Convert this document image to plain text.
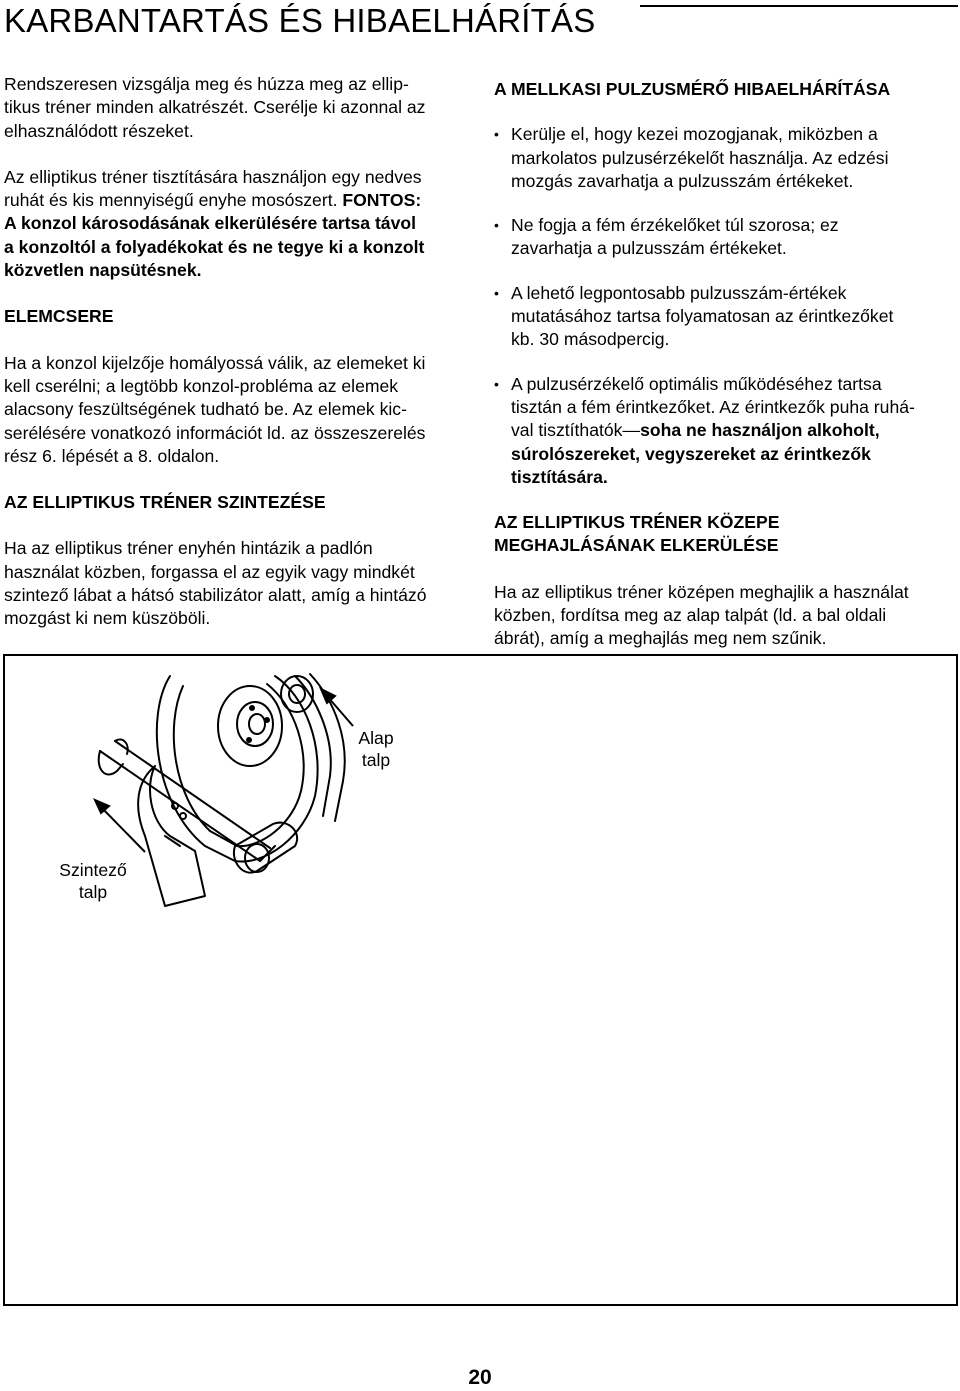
KARBANTARTÁS ÉS HIBAELHÁRÍTÁS

Rendszeresen vizsgálja meg és húzza meg az ellip-
tikus tréner minden alkatrészét. Cserélje ki azonnal az
elhasználódott részeket.

Az elliptikus tréner tisztítására használjon egy nedves
ruhát és kis mennyiségű enyhe mosószert. FONTOS:
A konzol károsodásának elkerülésére tartsa távol
a konzoltól a folyadékokat és ne tegye ki a konzolt
közvetlen napsütésnek.

ELEMCSERE

Ha a konzol kijelzője homályossá válik, az elemeket ki
kell cserélni; a legtöbb konzol-probléma az elemek
alacsony feszültségének tudható be. Az elemek kic-
serélésére vonatkozó információt ld. az összeszerelés
rész 6. lépését a 8. oldalon.

AZ ELLIPTIKUS TRÉNER SZINTEZÉSE

Ha az elliptikus tréner enyhén hintázik a padlón
használat közben, forgassa el az egyik vagy mindkét
szintező lábat a hátsó stabilizátor alatt, amíg a hintázó
mozgást ki nem küszöböli.

A MELLKASI PULZUSMÉRŐ HIBAELHÁRÍTÁSA

• Kerülje el, hogy kezei mozogjanak, miközben a
markolatos pulzusérzékelőt használja. Az edzési
mozgás zavarhatja a pulzusszám értékeket.
• Ne fogja a fém érzékelőket túl szorosa; ez
zavarhatja a pulzusszám értékeket.
• A lehető legpontosabb pulzusszám-értékek
mutatásához tartsa folyamatosan az érintkezőket
kb. 30 másodpercig.
• A pulzusérzékelő optimális működéséhez tartsa
tisztán a fém érintkezőket. Az érintkezők puha ruhá-
val tisztíthatók—soha ne használjon alkoholt,
súrolószereket, vegyszereket az érintkezők
tisztítására.

AZ ELLIPTIKUS TRÉNER KÖZEPE
MEGHAJLÁSÁNAK ELKERÜLÉSE

Ha az elliptikus tréner középen meghajlik a használat
közben, fordítsa meg az alap talpát (ld. a bal oldali
ábrát), amíg a meghajlás meg nem szűnik.

Alap
talp
Szintező
talp
20
